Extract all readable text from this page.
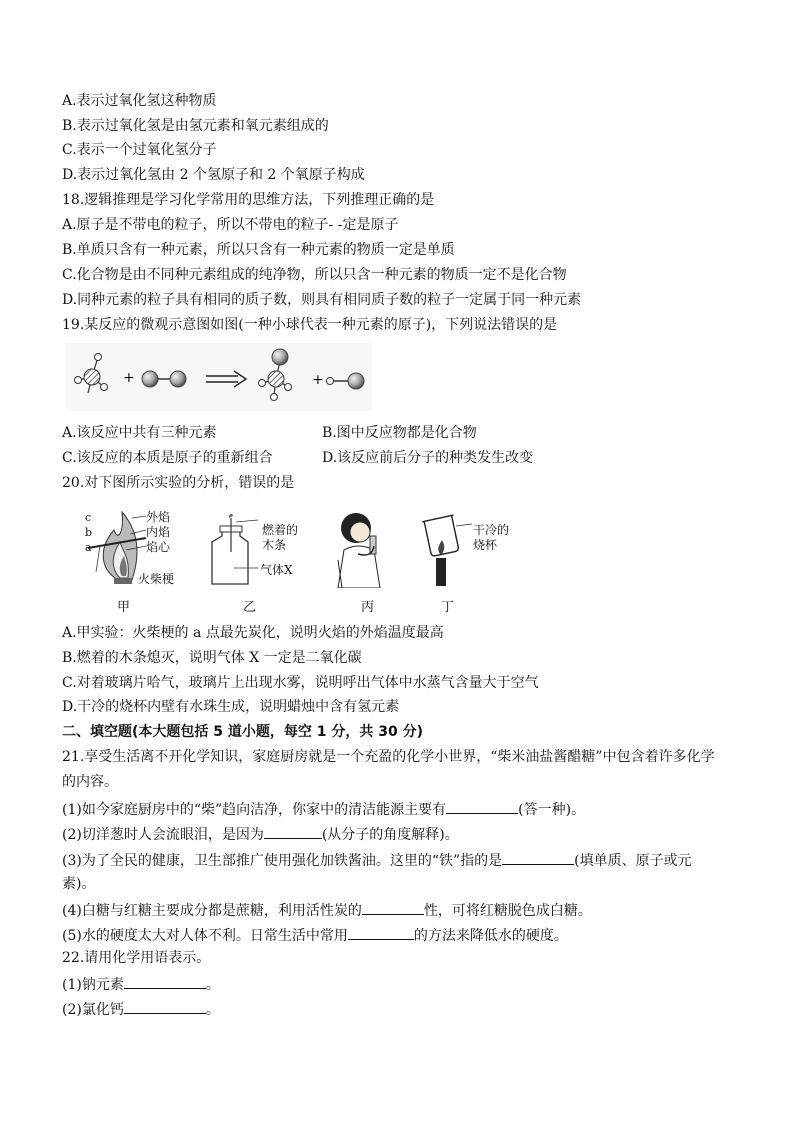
A.表示过氧化氢这种物质
B.表示过氧化氢是由氢元素和氧元素组成的
C.表示一个过氧化氢分子
D.表示过氧化氢由 2 个氢原子和 2 个氧原子构成
18.逻辑推理是学习化学常用的思维方法，下列推理正确的是
A.原子是不带电的粒子，所以不带电的粒子- -定是原子
B.单质只含有一种元素，所以只含有一种元素的物质一定是单质
C.化合物是由不同种元素组成的纯净物，所以只含一种元素的物质一定不是化合物
D.同种元素的粒子具有相同的质子数，则具有相同质子数的粒子一定属于同一种元素
19.某反应的微观示意图如图(一种小球代表一种元素的原子)，下列说法错误的是
+	+
A.该反应中共有三种元素	B.图中反应物都是化合物
C.该反应的本质是原子的重新组合	D.该反应前后分子的种类发生改变
20.对下图所示实验的分析，错误的是
c
b
a
外焰
内焰
焰心
火柴梗
甲
燃着的
木条
气体X
乙	丙
干冷的
烧杯
丁
A.甲实验：火柴梗的 a 点最先炭化，说明火焰的外焰温度最高
B.燃着的木条熄灭，说明气体 X 一定是二氧化碳
C.对着玻璃片哈气，玻璃片上出现水雾，说明呼出气体中水蒸气含量大于空气
D.干冷的烧杯内壁有水珠生成，说明蜡烛中含有氢元素
二、填空题(本大题包括 5 道小题，每空 1 分，共 30 分)
21.享受生活离不开化学知识，家庭厨房就是一个充盈的化学小世界，“柴米油盐酱醋糖”中包含着许多化学
的内容。
(1)如今家庭厨房中的“柴”趋向洁净，你家中的清洁能源主要有	(答一种)。
(2)切洋葱时人会流眼泪，是因为	(从分子的角度解释)。
(3)为了全民的健康，卫生部推广使用强化加铁酱油。这里的“铁”指的是	(填单质、原子或元
素)。
(4)白糖与红糖主要成分都是蔗糖，利用活性炭的	性，可将红糖脱色成白糖。
(5)水的硬度太大对人体不利。日常生活中常用	的方法来降低水的硬度。
22.请用化学用语表示。
(1)钠元素	。
(2)氯化钙	。
